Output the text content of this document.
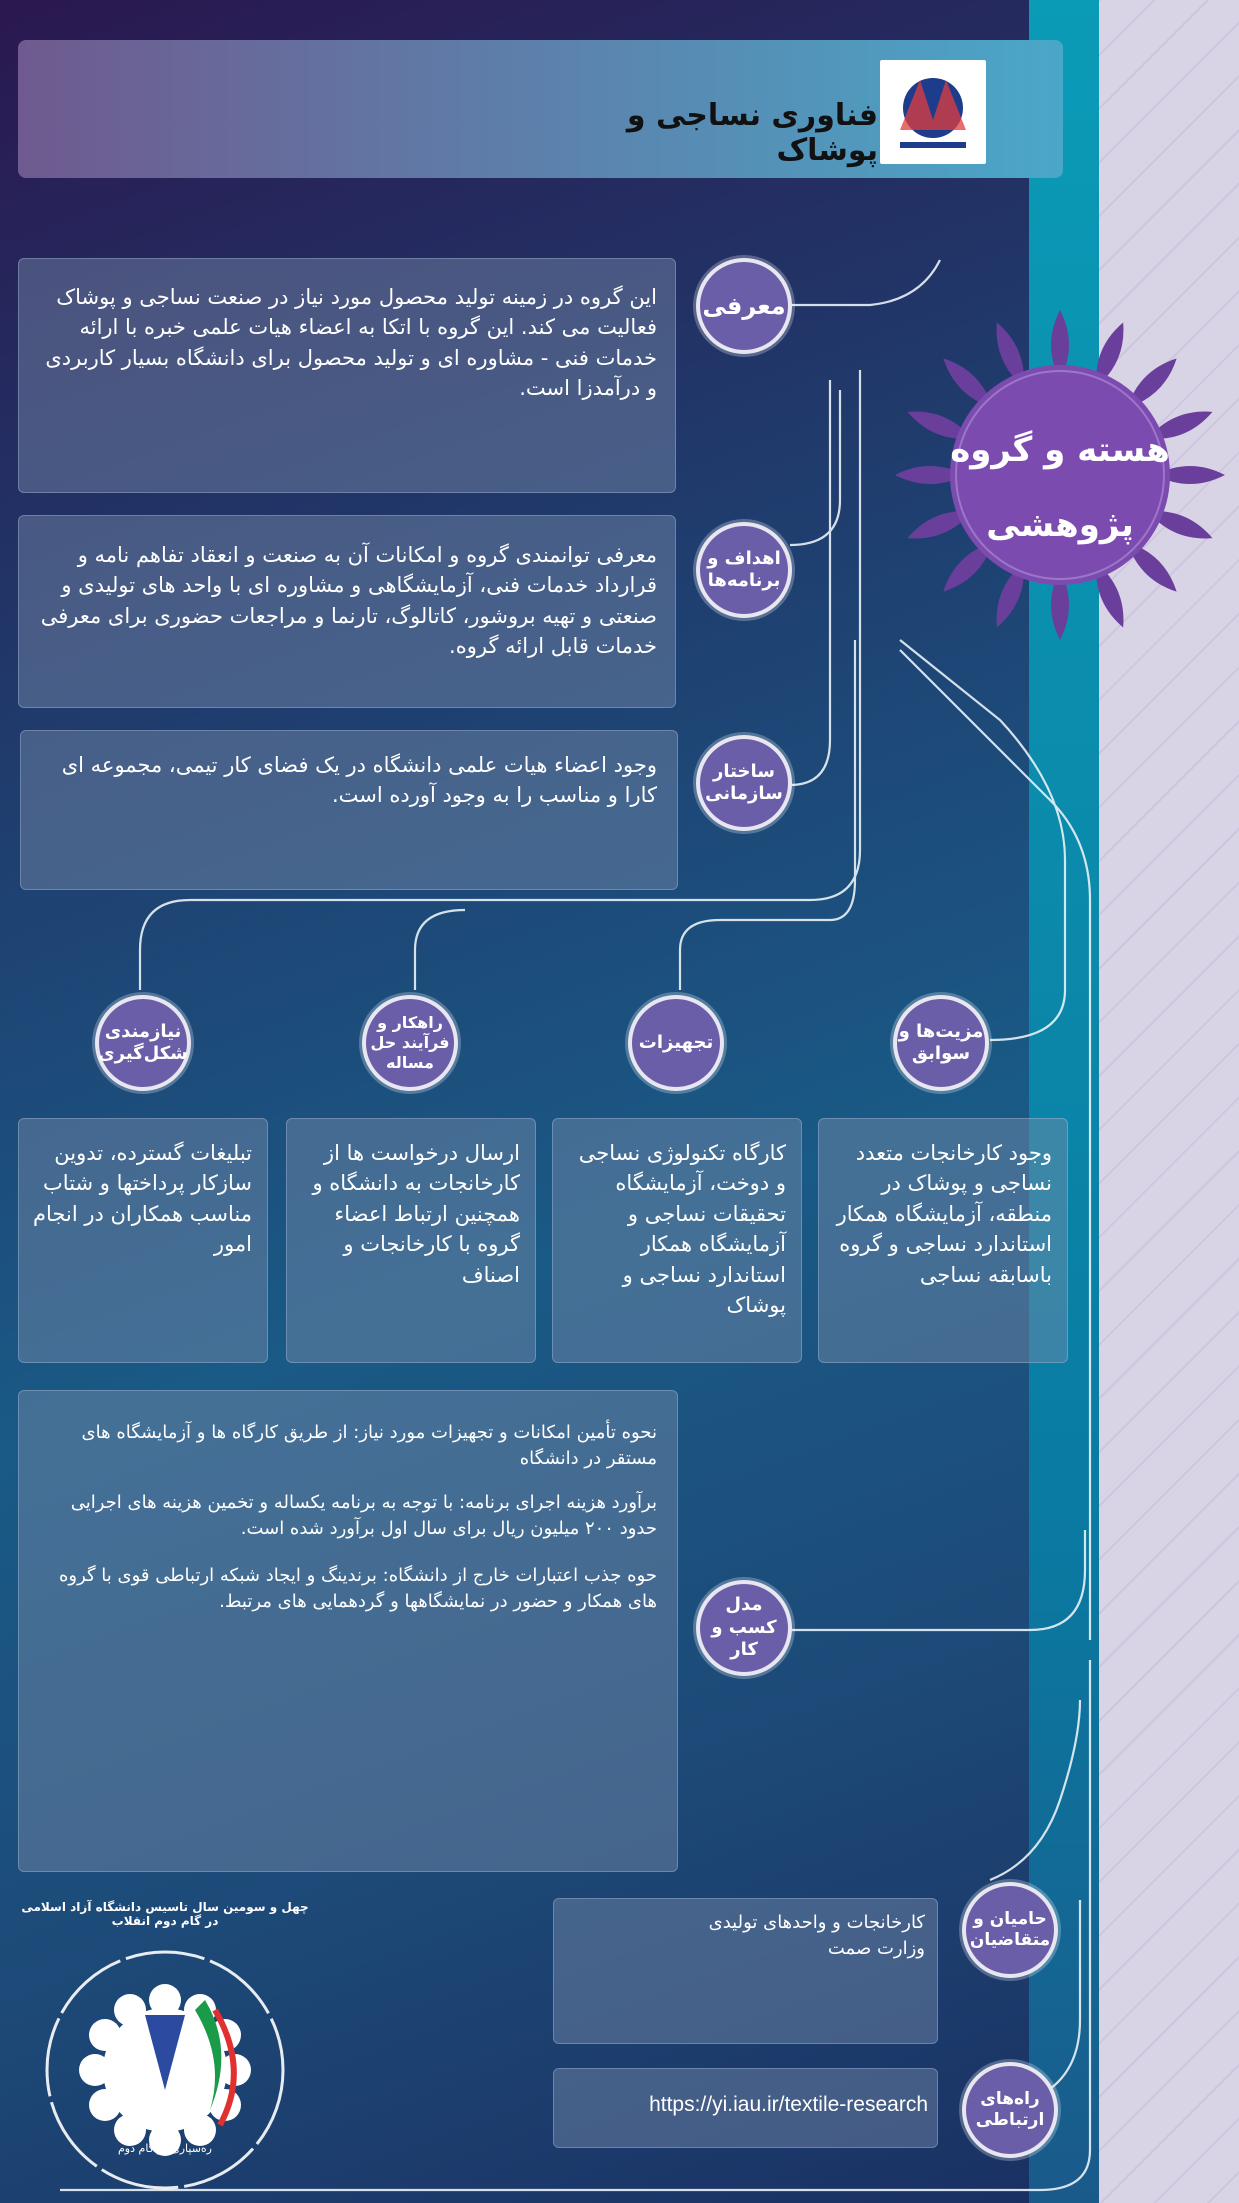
فناوری نساجی و پوشاک
هسته و گروه
پژوهشی
این گروه در زمینه تولید محصول مورد نیاز در صنعت نساجی و پوشاک فعالیت می کند. این گروه با اتکا به اعضاء هیات علمی خبره با ارائه خدمات فنی - مشاوره ای و تولید محصول برای دانشگاه بسیار کاربردی و درآمدزا است.
معرفی
معرفی توانمندی گروه و امکانات آن به صنعت و انعقاد تفاهم نامه و قرارداد خدمات فنی، آزمایشگاهی و مشاوره ای با واحد های تولیدی و صنعتی و تهیه بروشور، کاتالوگ، تارنما و مراجعات حضوری برای معرفی خدمات قابل ارائه گروه.
اهداف و برنامه‌ها
وجود اعضاء هیات علمی دانشگاه در یک فضای کار تیمی، مجموعه ای کارا و مناسب را به وجود آورده است.
ساختار سازمانی
نیازمندی شکل‌گیری
راهکار و فرآیند حل مساله
تجهیزات
مزیت‌ها و سوابق
تبلیغات گسترده، تدوین سازکار پرداختها و شتاب مناسب همکاران در انجام امور
ارسال درخواست ها از کارخانجات به دانشگاه و همچنین ارتباط اعضاء گروه با کارخانجات و اصناف
کارگاه تکنولوژی نساجی و دوخت، آزمایشگاه تحقیقات نساجی و آزمایشگاه همکار استاندارد نساجی و پوشاک
وجود کارخانجات متعدد نساجی و پوشاک در منطقه، آزمایشگاه همکار استاندارد نساجی و گروه باسابقه نساجی
نحوه تأمین امکانات و تجهیزات مورد نیاز: از طریق کارگاه ها و آزمایشگاه های مستقر در دانشگاه
برآورد هزینه اجرای برنامه: با توجه به برنامه یکساله و تخمین هزینه های اجرایی حدود ۲۰۰ میلیون ریال برای سال اول برآورد شده است.
حوه جذب اعتبارات خارج از دانشگاه: برندینگ و ایجاد شبکه ارتباطی قوی با گروه های همکار و حضور در نمایشگاهها و گردهمایی های مرتبط.	مدل کسب و کار
کارخانجات و واحدهای تولیدی
وزارت صمت
حامیان و متقاضیان
https://yi.iau.ir/textile-research	راه‌های ارتباطی
چهل‌ و‌ سومین سال تاسیس دانشگاه آزاد اسلامی در گام دوم انقلاب
ره‌سپاری در گام دوم
